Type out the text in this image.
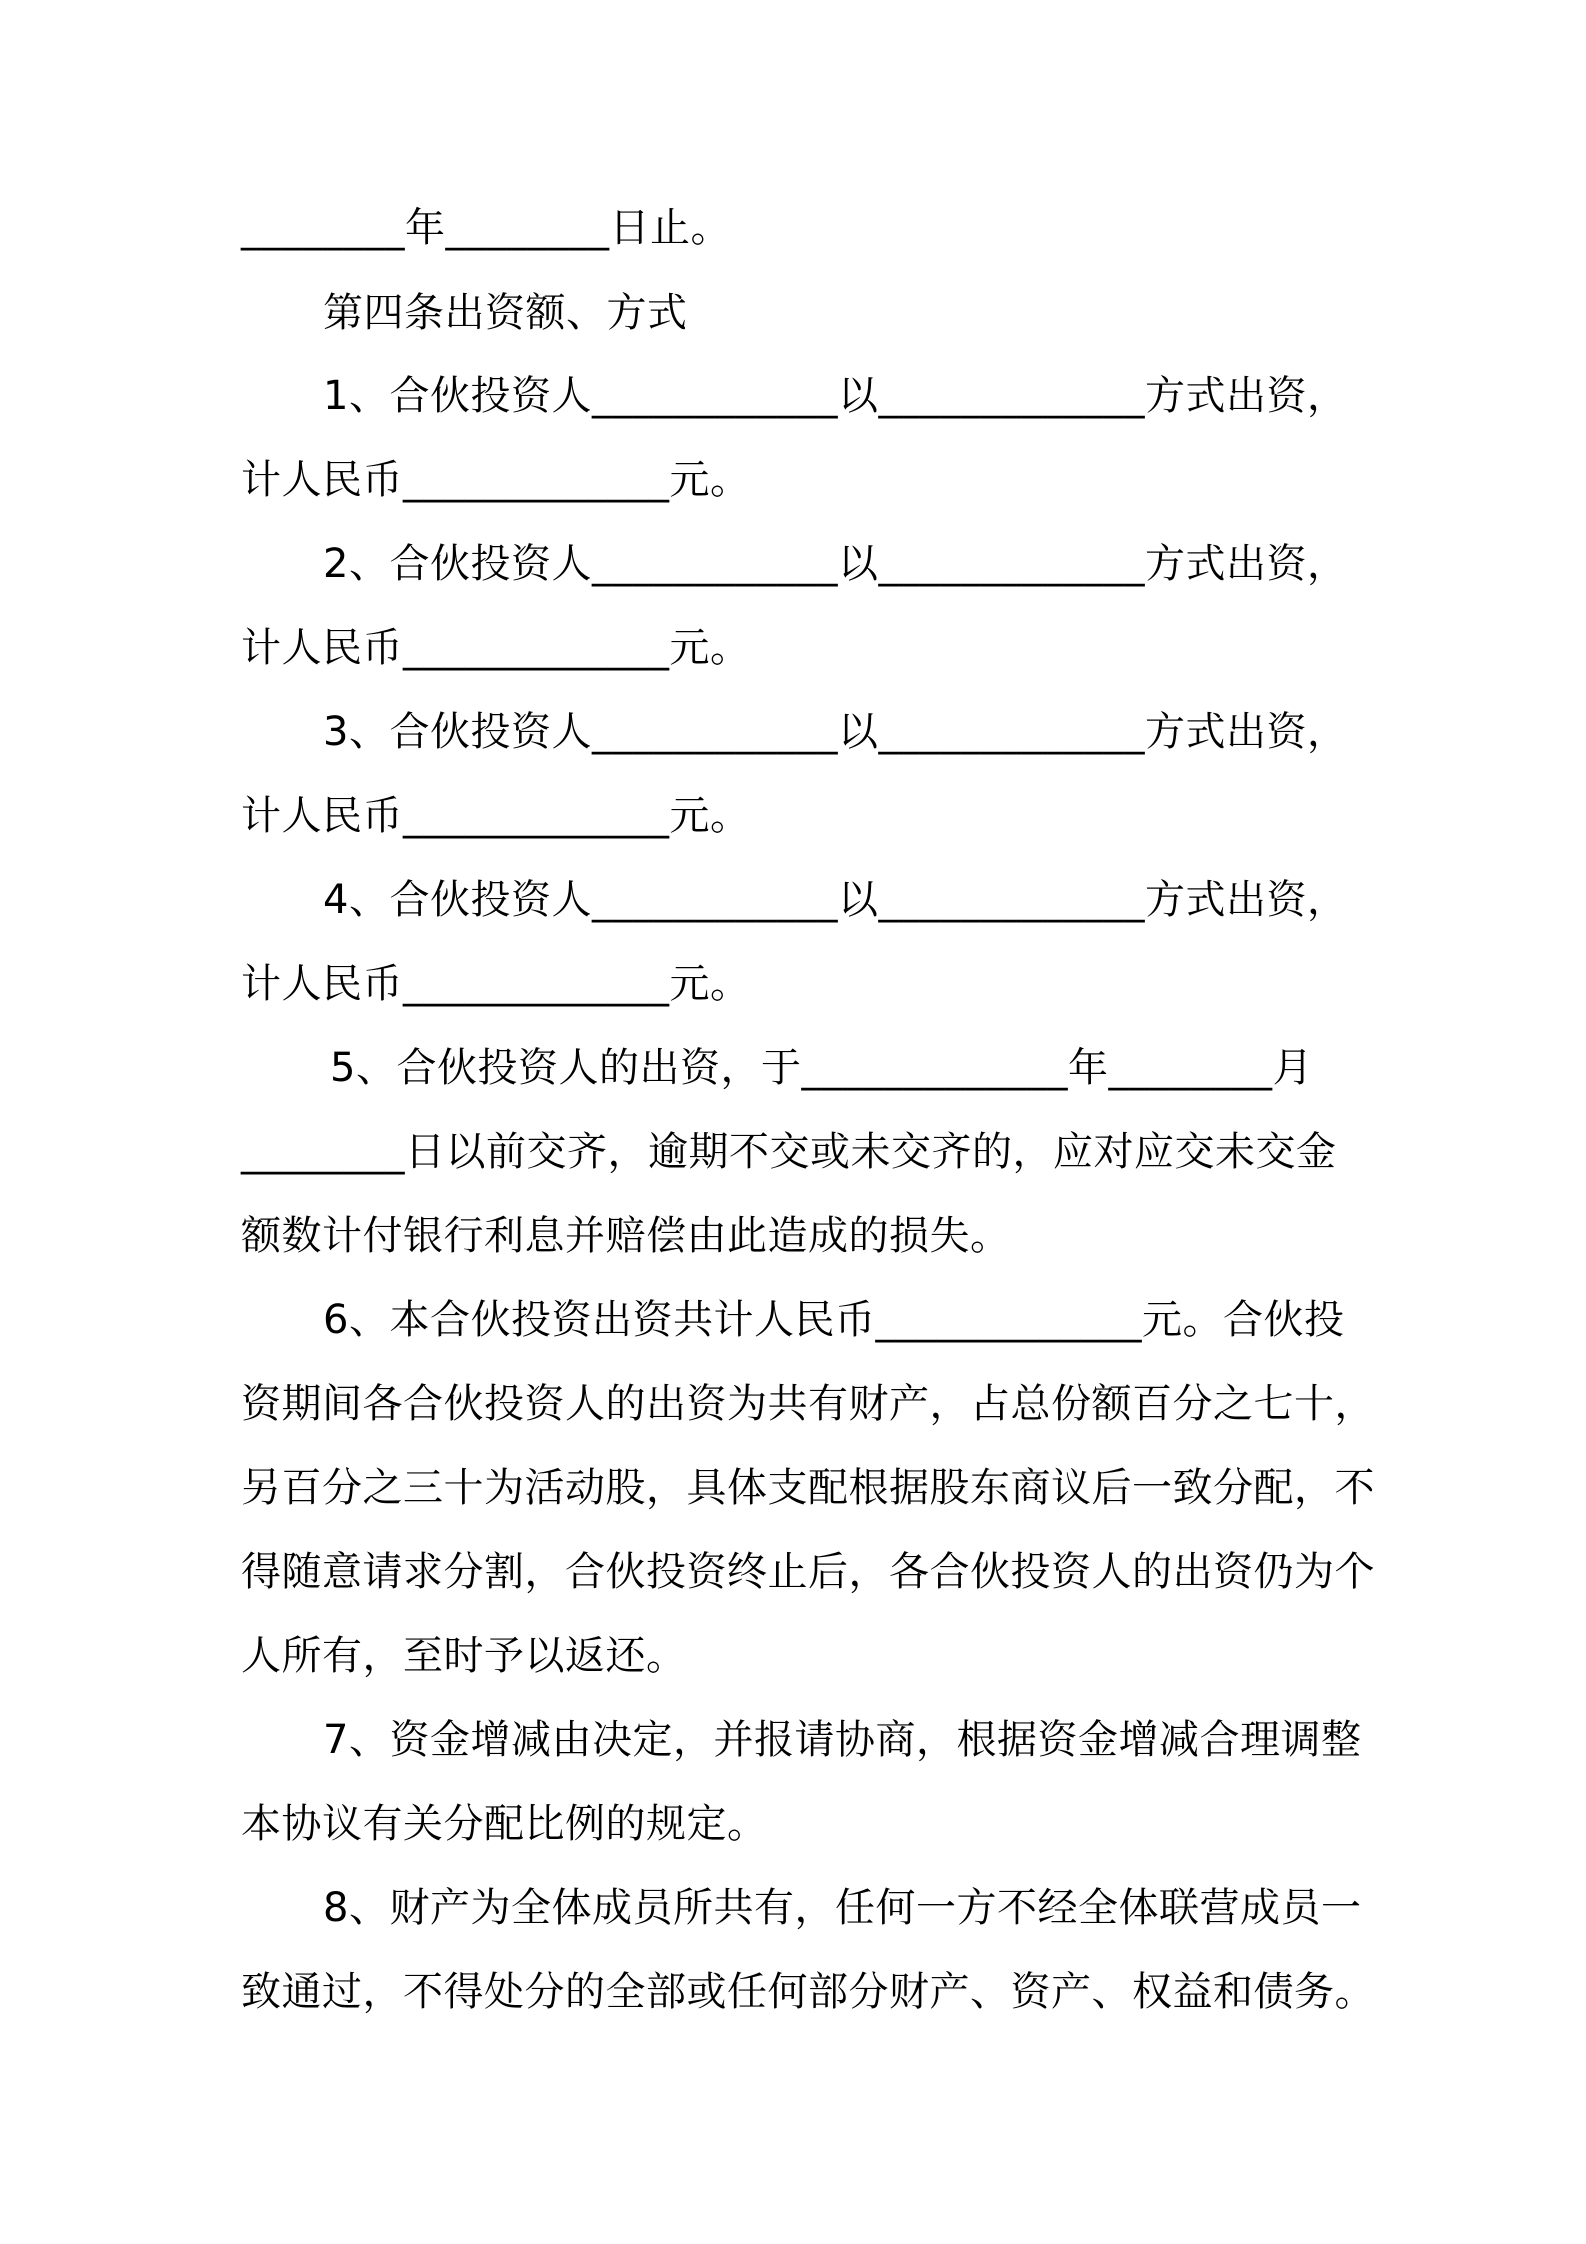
________年________日止。

第四条出资额、方式

1、合伙投资人____________以_____________方式出资，

计人民币_____________元。

2、合伙投资人____________以_____________方式出资，

计人民币_____________元。

3、合伙投资人____________以_____________方式出资，

计人民币_____________元。

4、合伙投资人____________以_____________方式出资，

计人民币_____________元。

5、合伙投资人的出资，于_____________年________月

________日以前交齐，逾期不交或未交齐的，应对应交未交金

额数计付银行利息并赔偿由此造成的损失。

6、本合伙投资出资共计人民币_____________元。合伙投

资期间各合伙投资人的出资为共有财产，占总份额百分之七十，

另百分之三十为活动股，具体支配根据股东商议后一致分配，不

得随意请求分割，合伙投资终止后，各合伙投资人的出资仍为个

人所有，至时予以返还。

7、资金增减由决定，并报请协商，根据资金增减合理调整

本协议有关分配比例的规定。

8、财产为全体成员所共有，任何一方不经全体联营成员一

致通过，不得处分的全部或任何部分财产、资产、权益和债务。
